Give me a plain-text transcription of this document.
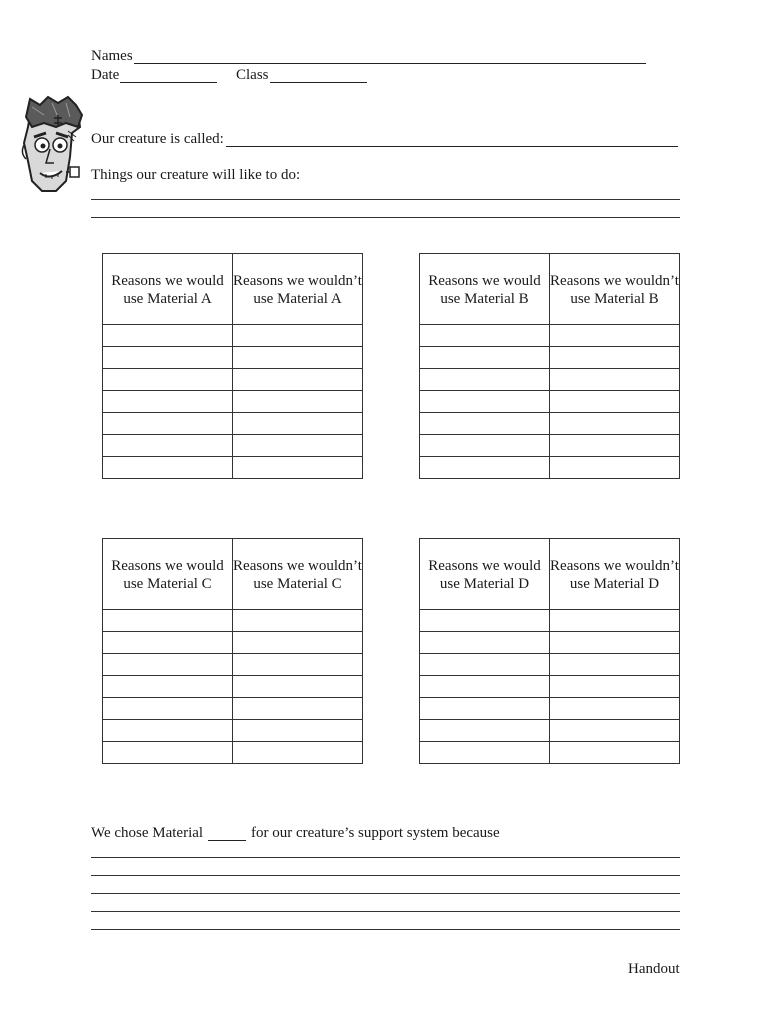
Names
Date	Class
Our creature is called:
Things our creature will like to do:
Reasons we would use Material A	Reasons we wouldn’t use Material A

Reasons we would use Material B	Reasons we wouldn’t use Material B

Reasons we would use Material C	Reasons we wouldn’t use Material C

Reasons we would use Material D	Reasons we wouldn’t use Material D

We chose Material	for our creature’s support system because
Handout
